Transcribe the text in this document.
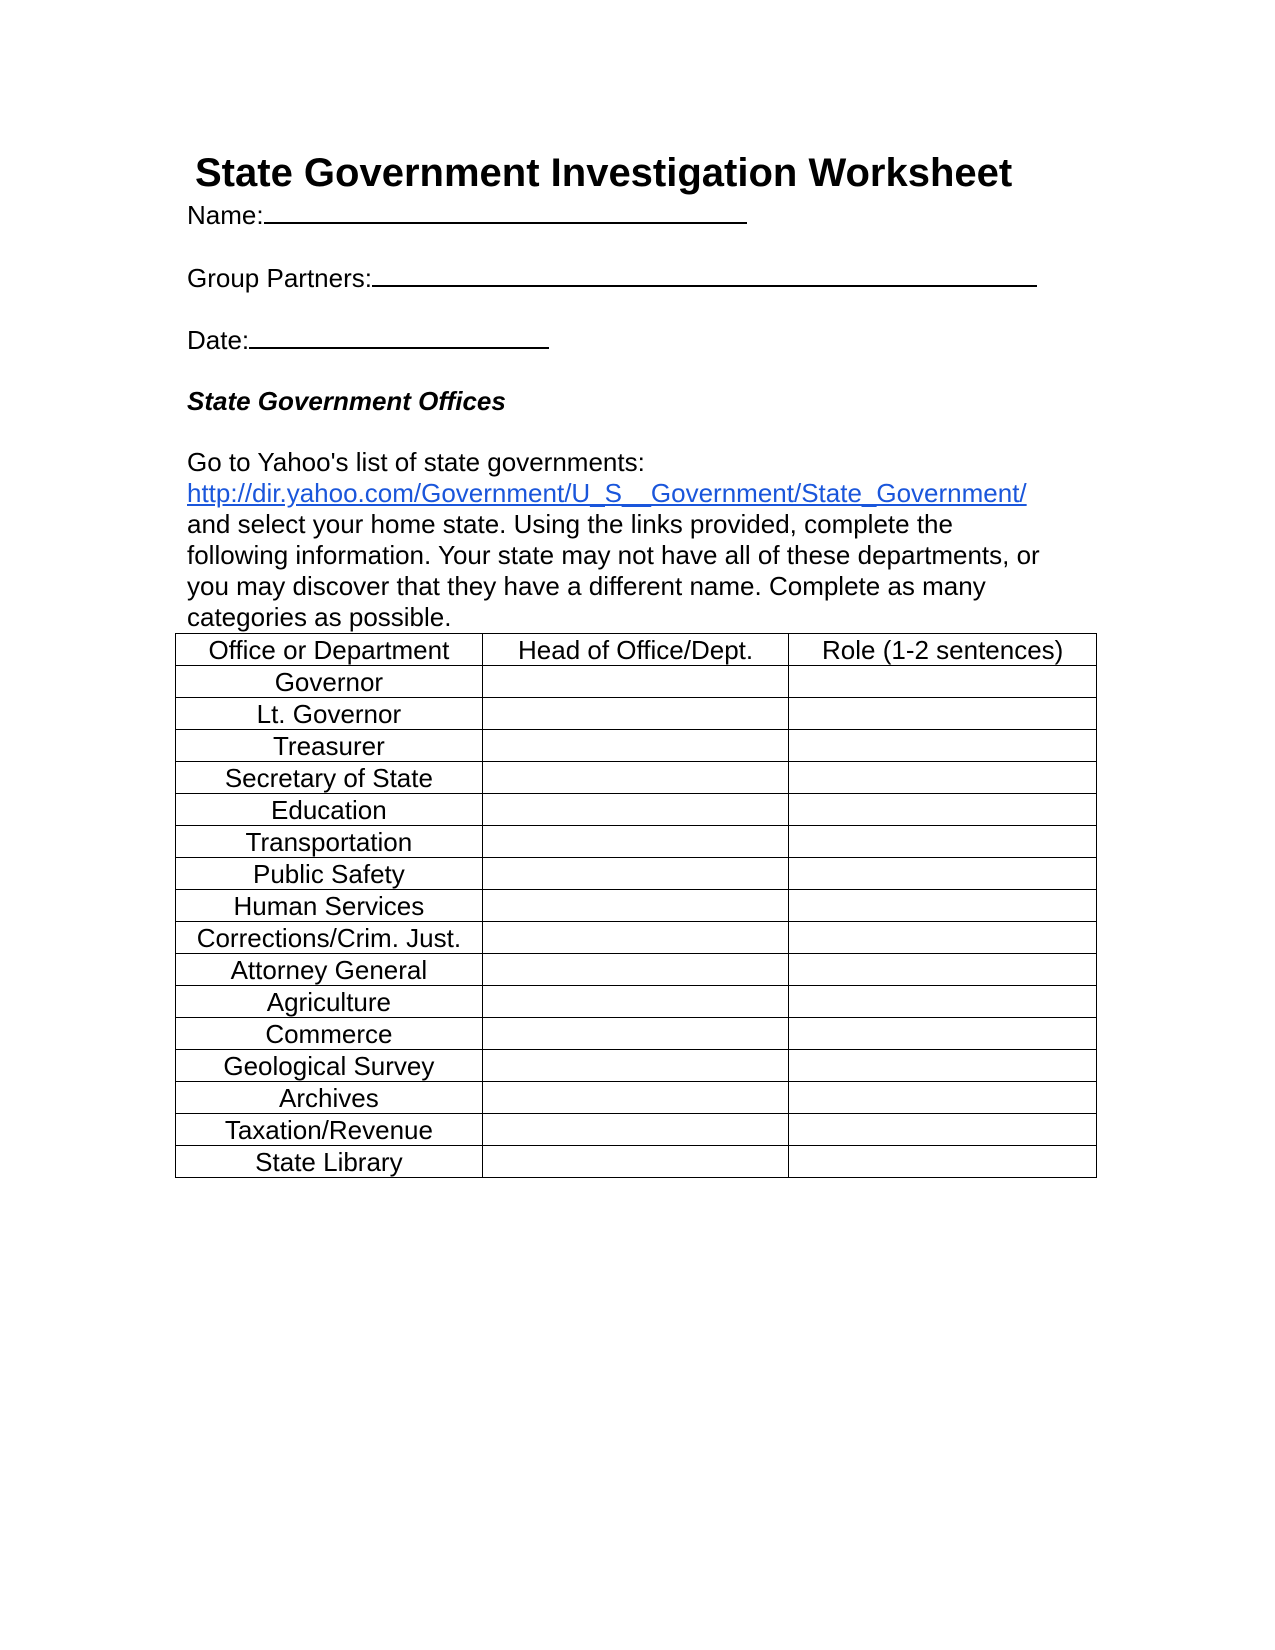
State Government Investigation Worksheet
Name:
Group Partners:
Date:
State Government Offices
Go to Yahoo's list of state governments:
http://dir.yahoo.com/Government/U_S__Government/State_Government/
and select your home state. Using the links provided, complete the
following information. Your state may not have all of these departments, or
you may discover that they have a different name. Complete as many
categories as possible.
Office or Department	Head of Office/Dept.	Role (1-2 sentences)
Governor		
Lt. Governor		
Treasurer		
Secretary of State		
Education		
Transportation		
Public Safety		
Human Services		
Corrections/Crim. Just.		
Attorney General		
Agriculture		
Commerce		
Geological Survey		
Archives		
Taxation/Revenue		
State Library		
